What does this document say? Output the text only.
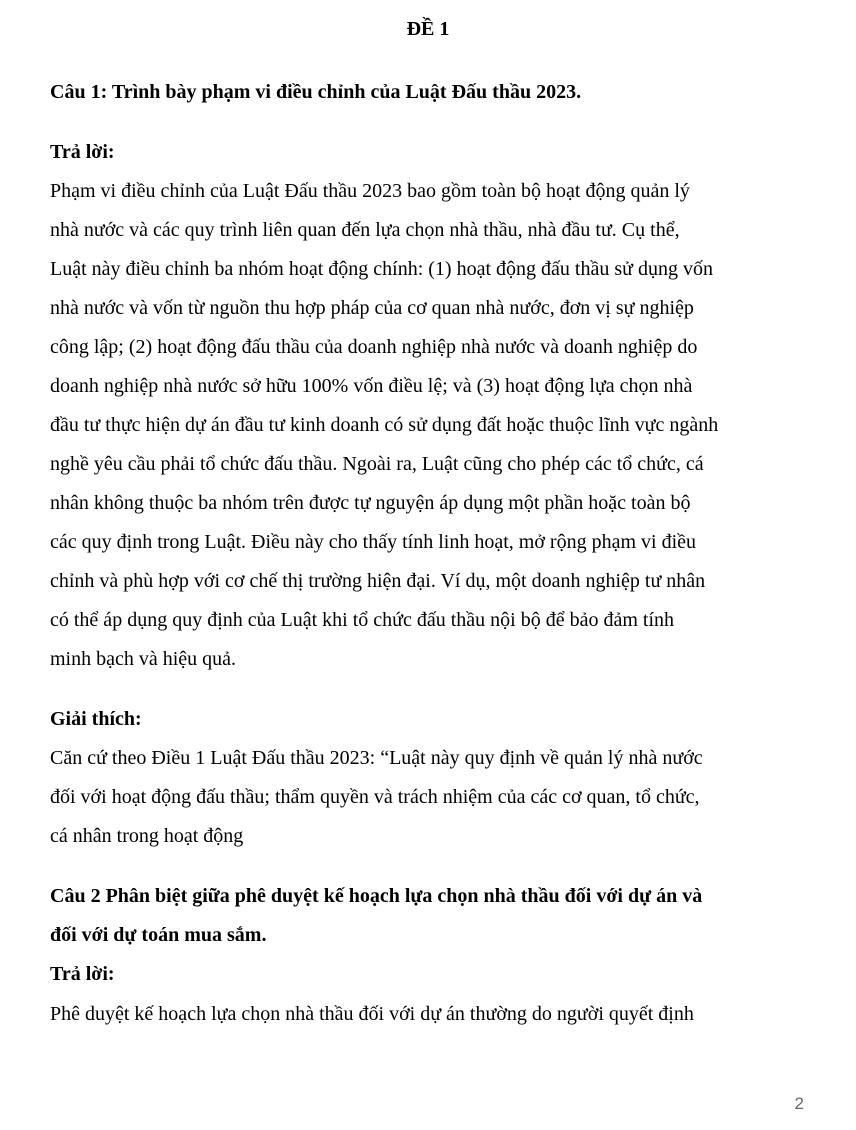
ĐỀ 1
Câu 1: Trình bày phạm vi điều chỉnh của Luật Đấu thầu 2023.
Trả lời:
Phạm vi điều chỉnh của Luật Đấu thầu 2023 bao gồm toàn bộ hoạt động quản lý
nhà nước và các quy trình liên quan đến lựa chọn nhà thầu, nhà đầu tư. Cụ thể,
Luật này điều chỉnh ba nhóm hoạt động chính: (1) hoạt động đấu thầu sử dụng vốn
nhà nước và vốn từ nguồn thu hợp pháp của cơ quan nhà nước, đơn vị sự nghiệp
công lập; (2) hoạt động đấu thầu của doanh nghiệp nhà nước và doanh nghiệp do
doanh nghiệp nhà nước sở hữu 100% vốn điều lệ; và (3) hoạt động lựa chọn nhà
đầu tư thực hiện dự án đầu tư kinh doanh có sử dụng đất hoặc thuộc lĩnh vực ngành
nghề yêu cầu phải tổ chức đấu thầu. Ngoài ra, Luật cũng cho phép các tổ chức, cá
nhân không thuộc ba nhóm trên được tự nguyện áp dụng một phần hoặc toàn bộ
các quy định trong Luật. Điều này cho thấy tính linh hoạt, mở rộng phạm vi điều
chỉnh và phù hợp với cơ chế thị trường hiện đại. Ví dụ, một doanh nghiệp tư nhân
có thể áp dụng quy định của Luật khi tổ chức đấu thầu nội bộ để bảo đảm tính
minh bạch và hiệu quả.
Giải thích:
Căn cứ theo Điều 1 Luật Đấu thầu 2023: “Luật này quy định về quản lý nhà nước
đối với hoạt động đấu thầu; thẩm quyền và trách nhiệm của các cơ quan, tổ chức,
cá nhân trong hoạt động
Câu 2 Phân biệt giữa phê duyệt kế hoạch lựa chọn nhà thầu đối với dự án và
đối với dự toán mua sắm.
Trả lời:
Phê duyệt kế hoạch lựa chọn nhà thầu đối với dự án thường do người quyết định
2
